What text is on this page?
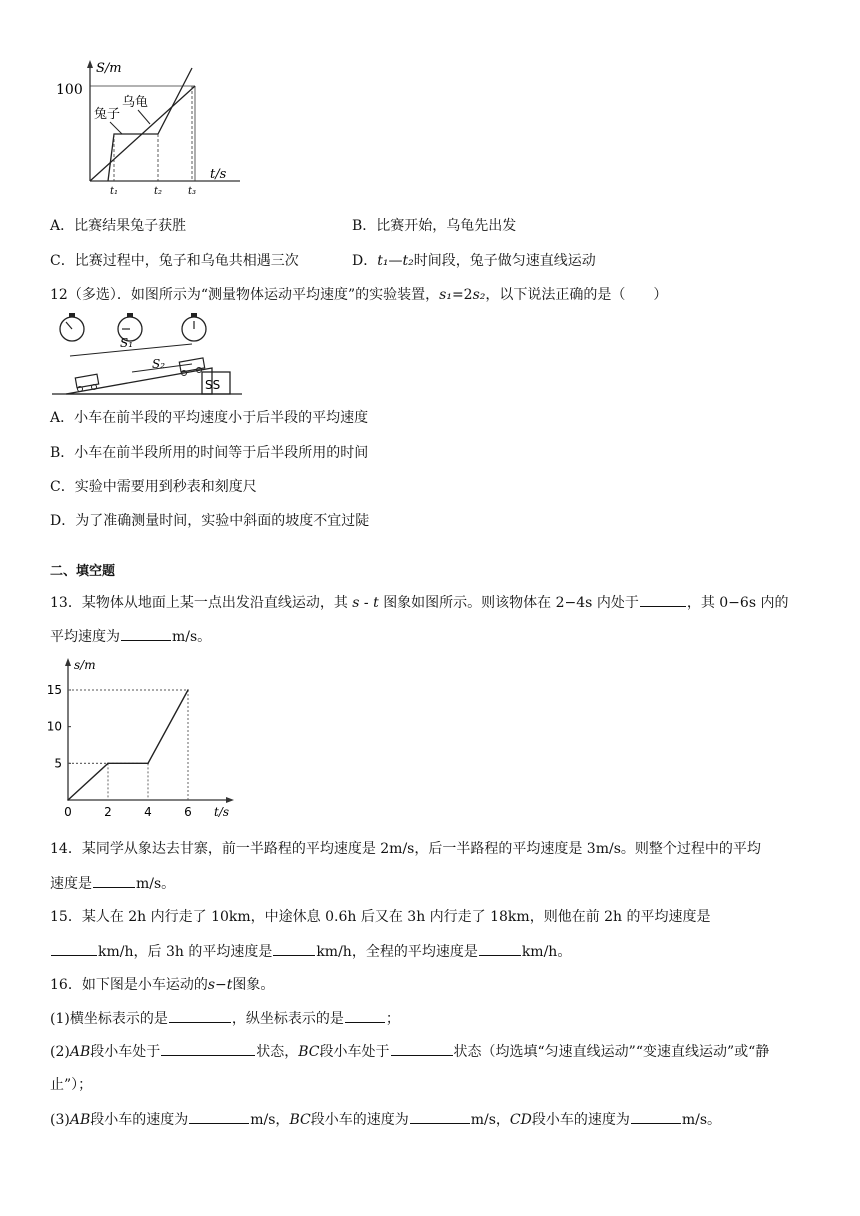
S/m
100
兔子
乌龟
t₁	t₂	t₃
t/s
A．比赛结果兔子获胜	B．比赛开始，乌龟先出发
C．比赛过程中，兔子和乌龟共相遇三次	D．t₁—t₂时间段，兔子做匀速直线运动
12（多选）．如图所示为“测量物体运动平均速度”的实验装置，s₁=2s₂，以下说法正确的是（　　）
SS
S₁
S₂
A．小车在前半段的平均速度小于后半段的平均速度
B．小车在前半段所用的时间等于后半段所用的时间
C．实验中需要用到秒表和刻度尺
D．为了准确测量时间，实验中斜面的坡度不宜过陡
二、填空题
13．某物体从地面上某一点出发沿直线运动，其 s - t 图象如图所示。则该物体在 2−4s 内处于	，其 0−6s 内的
平均速度为	m/s。
s/m
t/s
5
10
15
0	2	4	6
14．某同学从象达去甘寨，前一半路程的平均速度是 2m/s，后一半路程的平均速度是 3m/s。则整个过程中的平均
速度是	m/s。
15．某人在 2h 内行走了 10km，中途休息 0.6h 后又在 3h 内行走了 18km，则他在前 2h 的平均速度是
km/h，后 3h 的平均速度是	km/h，全程的平均速度是	km/h。
16．如下图是小车运动的s−t图象。
(1)横坐标表示的是	，纵坐标表示的是	；
(2)AB段小车处于	状态，BC段小车处于	状态（均选填“匀速直线运动”“变速直线运动”或“静
止”）；
(3)AB段小车的速度为	m/s，BC段小车的速度为	m/s，CD段小车的速度为	m/s。
